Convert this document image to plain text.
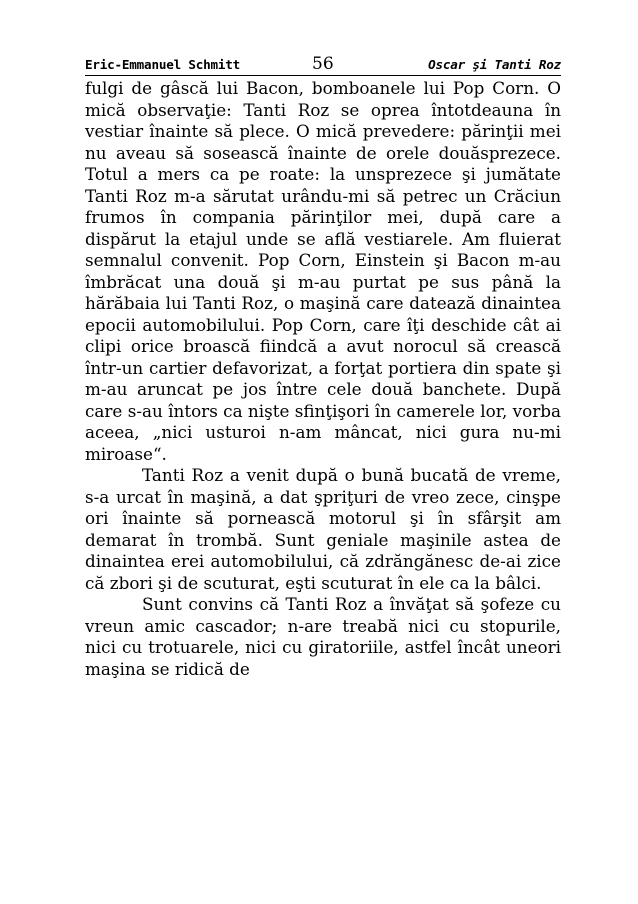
Eric-Emmanuel Schmitt	56	Oscar şi Tanti Roz

fulgi de gâscă lui Bacon, bomboanele lui Pop Corn. O mică observaţie: Tanti Roz se oprea întotdeauna în vestiar înainte să plece. O mică prevedere: părinţii mei nu aveau să sosească înainte de orele douăsprezece. Totul a mers ca pe roate: la unsprezece şi jumătate Tanti Roz m-a sărutat urându-mi să petrec un Crăciun frumos în compania părinţilor mei, după care a dispărut la etajul unde se află vestiarele. Am fluierat semnalul convenit. Pop Corn, Einstein şi Bacon m-au îmbrăcat una două şi m-au purtat pe sus până la hărăbaia lui Tanti Roz, o maşină care datează dinaintea epocii automobilului. Pop Corn, care îţi deschide cât ai clipi orice broască fiindcă a avut norocul să crească într-un cartier defavorizat, a forţat portiera din spate şi m-au aruncat pe jos între cele două banchete. După care s-au întors ca nişte sfinţişori în camerele lor, vorba aceea, „nici usturoi n-am mâncat, nici gura nu-mi miroase“.

Tanti Roz a venit după o bună bucată de vreme, s-a urcat în maşină, a dat şpriţuri de vreo zece, cinşpe ori înainte să pornească motorul şi în sfârşit am demarat în trombă. Sunt geniale maşinile astea de dinaintea erei automobilului, că zdrăngănesc de-ai zice că zbori şi de scuturat, eşti scuturat în ele ca la bâlci.

Sunt convins că Tanti Roz a învăţat să şofeze cu vreun amic cascador; n-are treabă nici cu stopurile, nici cu trotuarele, nici cu giratoriile, astfel încât uneori maşina se ridică de
